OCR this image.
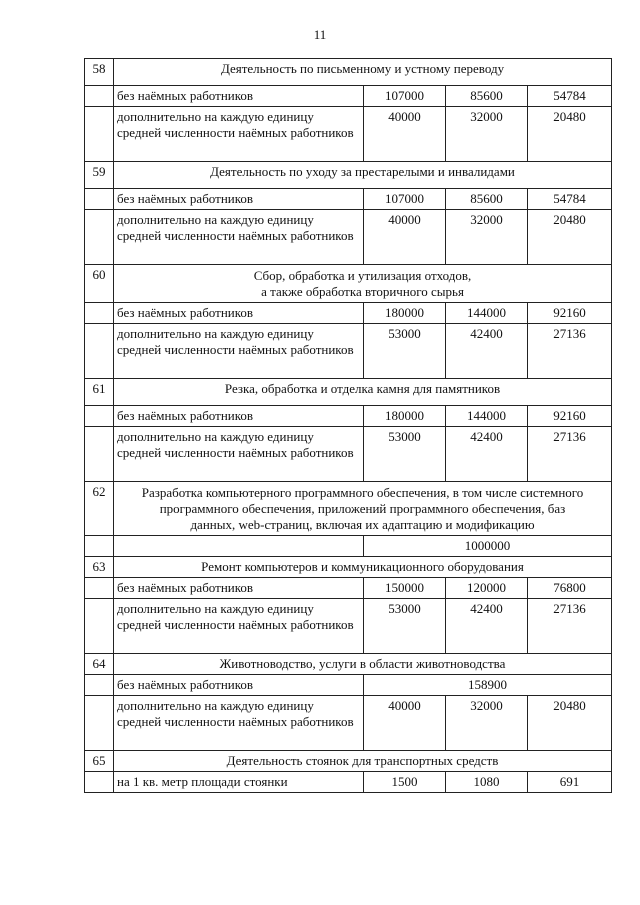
11
58	Деятельность по письменному и устному переводу			
	без наёмных работников	107000	85600	54784
	дополнительно на каждую единицу средней численности наёмных работников	40000	32000	20480
59	Деятельность по уходу за престарелыми и инвалидами			
	без наёмных работников	107000	85600	54784
	дополнительно на каждую единицу средней численности наёмных работников	40000	32000	20480
60	Сбор, обработка и утилизация отходов,
а также обработка вторичного сырья			

	без наёмных работников	180000	144000	92160
	дополнительно на каждую единицу средней численности наёмных работников	53000	42400	27136
61	Резка, обработка и отделка камня для памятников			
	без наёмных работников	180000	144000	92160
	дополнительно на каждую единицу средней численности наёмных работников	53000	42400	27136
62	Разработка компьютерного программного обеспечения, в том числе системного программного обеспечения, приложений программного обеспечения, баз данных, web-страниц, включая их адаптацию и модификацию			
		1000000		
63	Ремонт компьютеров и коммуникационного оборудования			
	без наёмных работников	150000	120000	76800
	дополнительно на каждую единицу средней численности наёмных работников	53000	42400	27136
64	Животноводство, услуги в области животноводства			
	без наёмных работников	158900		
	дополнительно на каждую единицу средней численности наёмных работников	40000	32000	20480
65	Деятельность стоянок для транспортных средств			
	на 1 кв. метр площади стоянки	1500	1080	691
